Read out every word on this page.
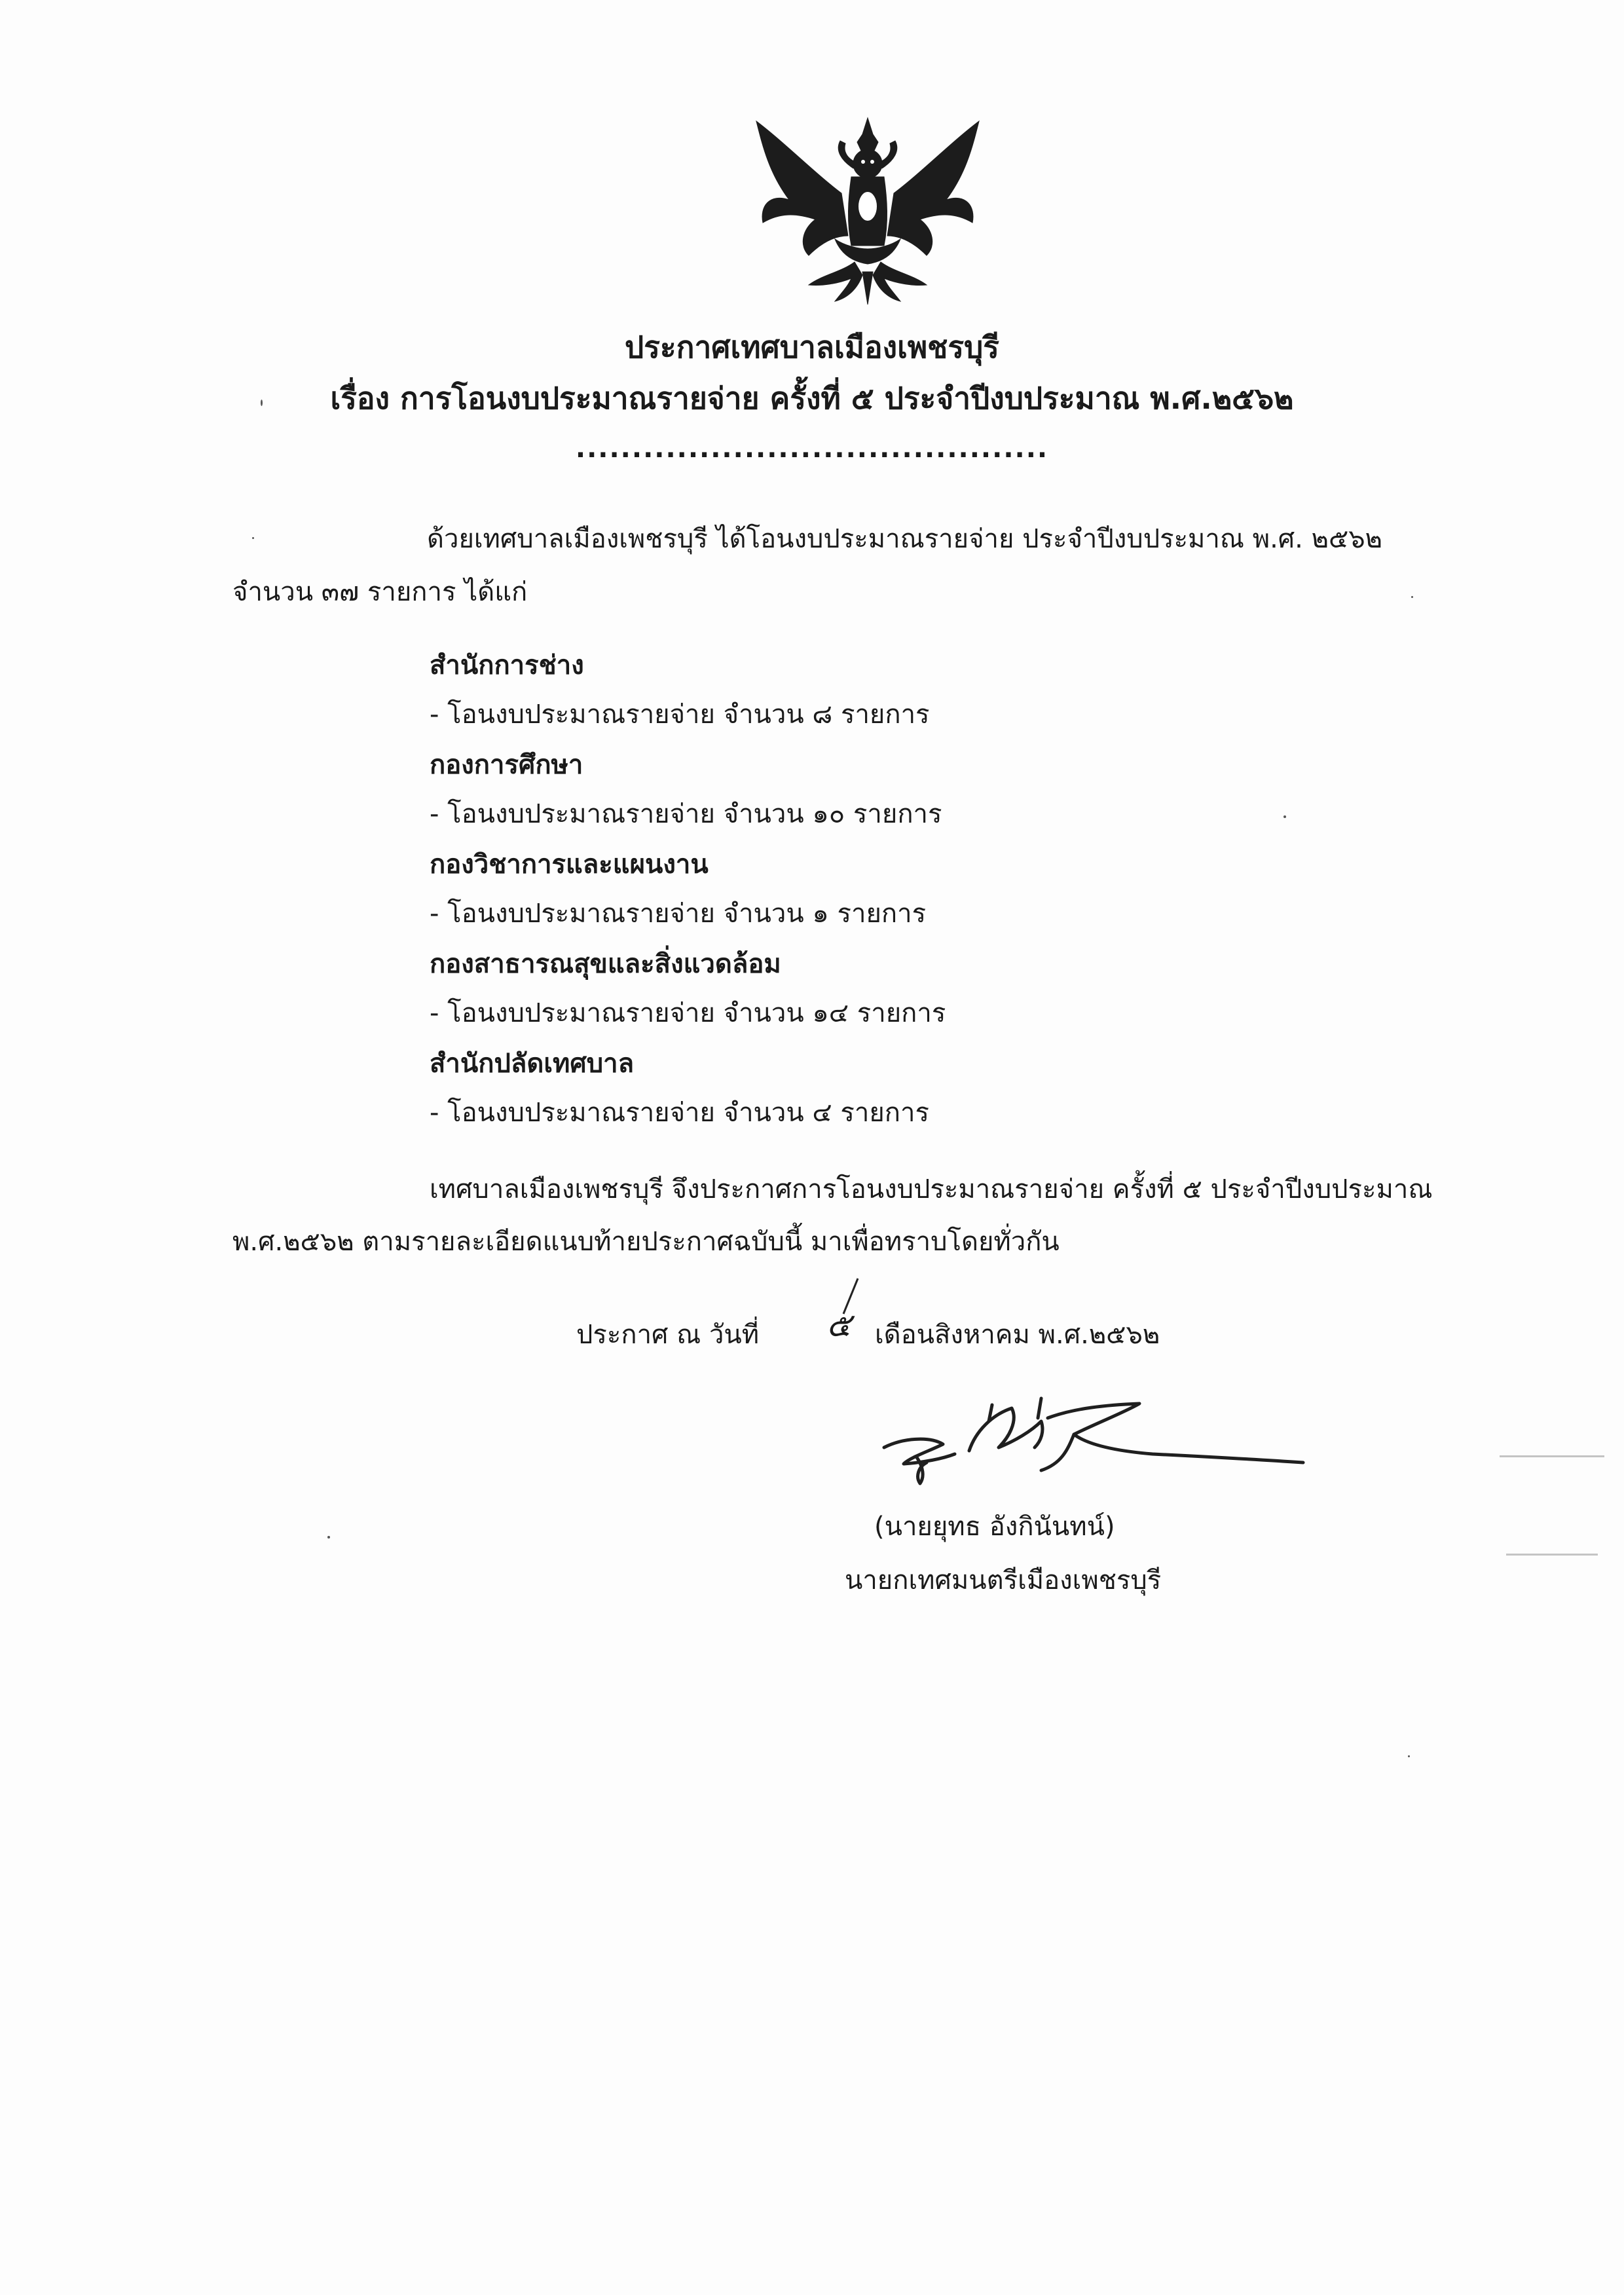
ประกาศเทศบาลเมืองเพชรบุรี
เรื่อง การโอนงบประมาณรายจ่าย ครั้งที่ ๕ ประจำปีงบประมาณ พ.ศ.๒๕๖๒
..........................................
ด้วยเทศบาลเมืองเพชรบุรี ได้โอนงบประมาณรายจ่าย ประจำปีงบประมาณ พ.ศ. ๒๕๖๒
จำนวน ๓๗ รายการ ได้แก่
สำนักการช่าง
- โอนงบประมาณรายจ่าย จำนวน ๘ รายการ
กองการศึกษา
- โอนงบประมาณรายจ่าย จำนวน ๑๐ รายการ
กองวิชาการและแผนงาน
- โอนงบประมาณรายจ่าย จำนวน ๑ รายการ
กองสาธารณสุขและสิ่งแวดล้อม
- โอนงบประมาณรายจ่าย จำนวน ๑๔ รายการ
สำนักปลัดเทศบาล
- โอนงบประมาณรายจ่าย จำนวน ๔ รายการ
เทศบาลเมืองเพชรบุรี จึงประกาศการโอนงบประมาณรายจ่าย ครั้งที่ ๕ ประจำปีงบประมาณ
พ.ศ.๒๕๖๒ ตามรายละเอียดแนบท้ายประกาศฉบับนี้ มาเพื่อทราบโดยทั่วกัน
ประกาศ ณ วันที่ ๕ เดือนสิงหาคม พ.ศ.๒๕๖๒
(นายยุทธ อังกินันทน์)
นายกเทศมนตรีเมืองเพชรบุรี
